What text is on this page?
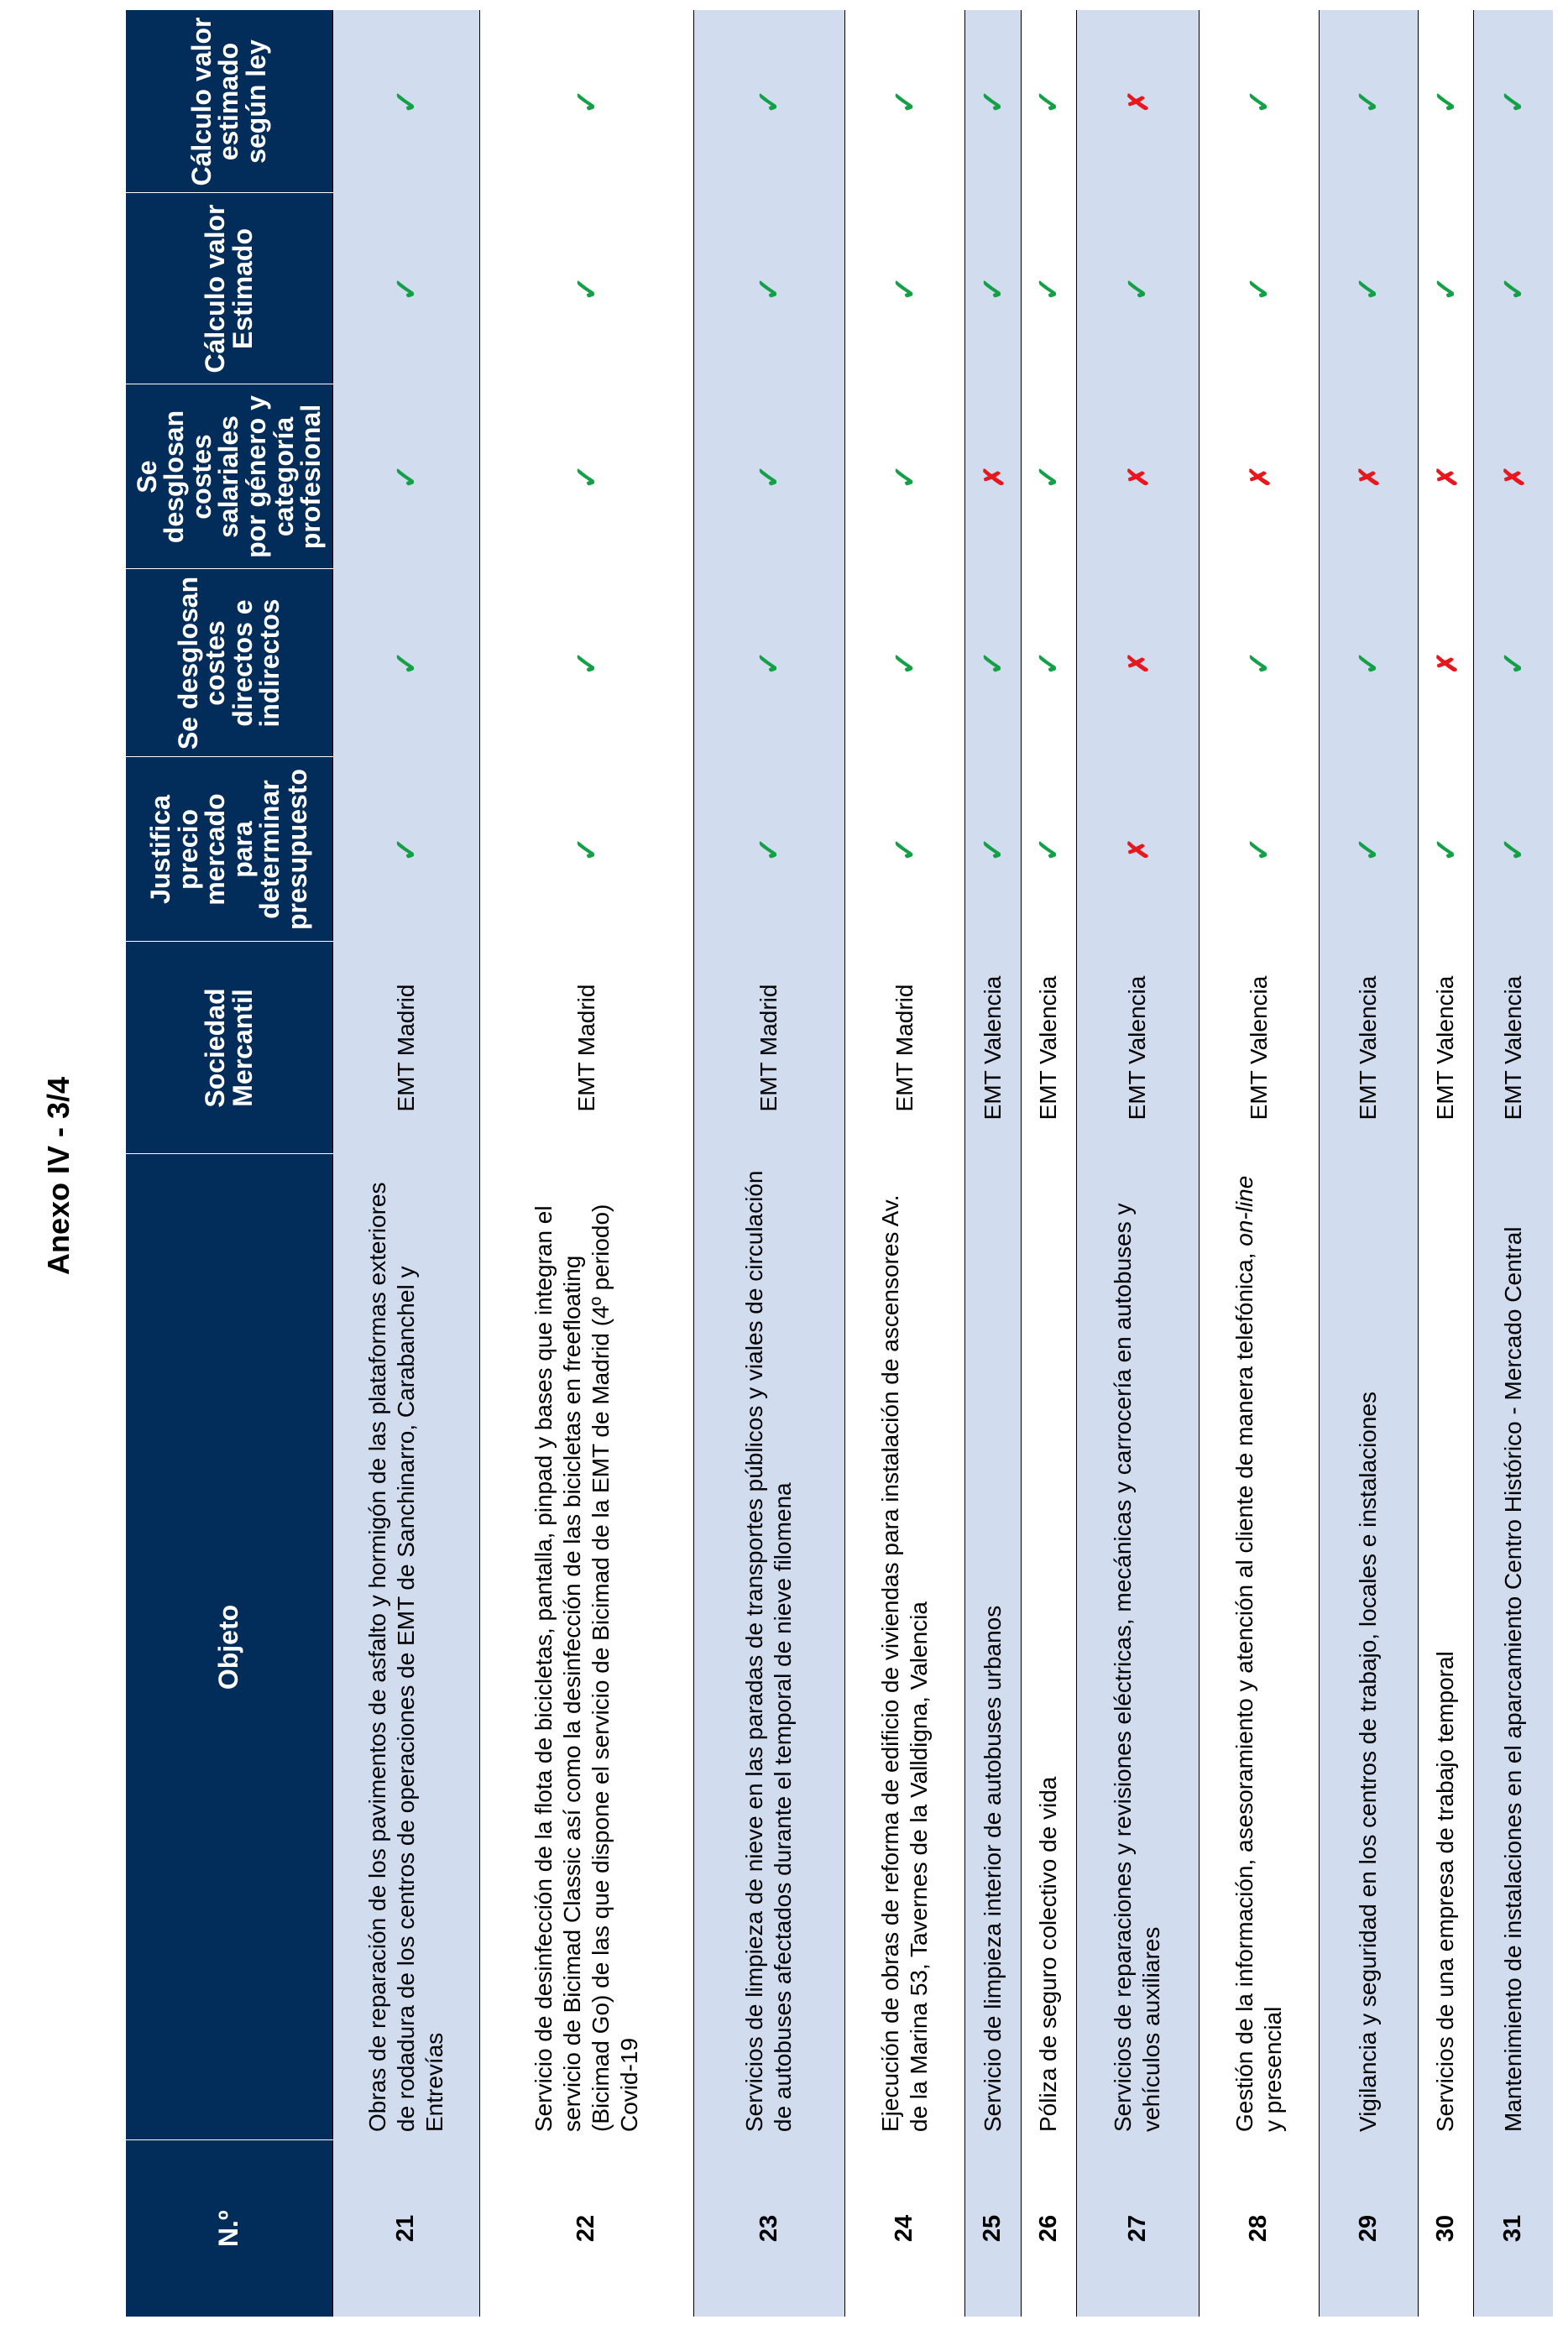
Anexo IV - 3/4
N.º	Objeto	Sociedad Mercantil	Justifica precio mercado para determinar presupuesto	Se desglosan costes directos e indirectos	Se desglosan costes salariales por género y categoría profesional	Cálculo valor Estimado	Cálculo valor estimado según ley
21	Obras de reparación de los pavimentos de asfalto y hormigón de las plataformas exteriores de rodadura de los centros de operaciones de EMT de Sanchinarro, Carabanchel y Entrevías	EMT Madrid	✓	✓	✓	✓	✓
22	Servicio de desinfección de la flota de bicicletas, pantalla, pinpad y bases que integran el servicio de Bicimad Classic así como la desinfección de las bicicletas en freefloating (Bicimad Go) de las que dispone el servicio de Bicimad de la EMT de Madrid (4º periodo) Covid-19	EMT Madrid	✓	✓	✓	✓	✓
23	Servicios de limpieza de nieve en las paradas de transportes públicos y viales de circulación de autobuses afectados durante el temporal de nieve filomena	EMT Madrid	✓	✓	✓	✓	✓
24	Ejecución de obras de reforma de edificio de viviendas para instalación de ascensores Av. de la Marina 53, Tavernes de la Valldigna, Valencia	EMT Madrid	✓	✓	✓	✓	✓
25	Servicio de limpieza interior de autobuses urbanos	EMT Valencia	✓	✓	✗	✓	✓
26	Póliza de seguro colectivo de vida	EMT Valencia	✓	✓	✓	✓	✓
27	Servicios de reparaciones y revisiones eléctricas, mecánicas y carrocería en autobuses y vehículos auxiliares	EMT Valencia	✗	✗	✗	✓	✗
28	Gestión de la información, asesoramiento y atención al cliente de manera telefónica, on-line y presencial	EMT Valencia	✓	✓	✗	✓	✓
29	Vigilancia y seguridad en los centros de trabajo, locales e instalaciones	EMT Valencia	✓	✓	✗	✓	✓
30	Servicios de una empresa de trabajo temporal	EMT Valencia	✓	✗	✗	✓	✓
31	Mantenimiento de instalaciones en el aparcamiento Centro Histórico - Mercado Central	EMT Valencia	✓	✓	✗	✓	✓
